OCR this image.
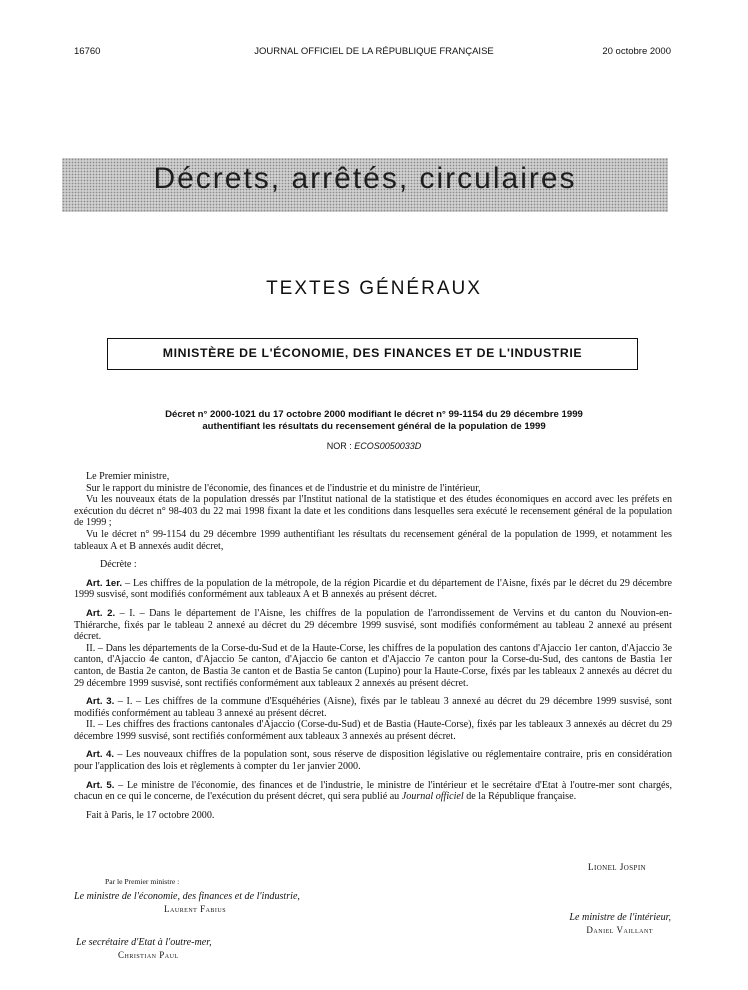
16760	JOURNAL OFFICIEL DE LA RÉPUBLIQUE FRANÇAISE	20 octobre 2000
Décrets, arrêtés, circulaires
TEXTES GÉNÉRAUX
MINISTÈRE DE L'ÉCONOMIE, DES FINANCES ET DE L'INDUSTRIE
Décret n° 2000-1021 du 17 octobre 2000 modifiant le décret n° 99-1154 du 29 décembre 1999
authentifiant les résultats du recensement général de la population de 1999
NOR : ECOS0050033D

Le Premier ministre,

Sur le rapport du ministre de l'économie, des finances et de l'industrie et du ministre de l'intérieur,

Vu les nouveaux états de la population dressés par l'Institut national de la statistique et des études économiques en accord avec les préfets en exécution du décret n° 98-403 du 22 mai 1998 fixant la date et les conditions dans lesquelles sera exécuté le recensement général de la population de 1999 ;

Vu le décret n° 99-1154 du 29 décembre 1999 authentifiant les résultats du recensement général de la population de 1999, et notamment les tableaux A et B annexés audit décret,

Décrète :

Art. 1er. – Les chiffres de la population de la métropole, de la région Picardie et du département de l'Aisne, fixés par le décret du 29 décembre 1999 susvisé, sont modifiés conformément aux tableaux A et B annexés au présent décret.

Art. 2. – I. – Dans le département de l'Aisne, les chiffres de la population de l'arrondissement de Vervins et du canton du Nouvion-en-Thiérarche, fixés par le tableau 2 annexé au décret du 29 décembre 1999 susvisé, sont modifiés conformément au tableau 2 annexé au présent décret.

II. – Dans les départements de la Corse-du-Sud et de la Haute-Corse, les chiffres de la population des cantons d'Ajaccio 1er canton, d'Ajaccio 3e canton, d'Ajaccio 4e canton, d'Ajaccio 5e canton, d'Ajaccio 6e canton et d'Ajaccio 7e canton pour la Corse-du-Sud, des cantons de Bastia 1er canton, de Bastia 2e canton, de Bastia 3e canton et de Bastia 5e canton (Lupino) pour la Haute-Corse, fixés par les tableaux 2 annexés au décret du 29 décembre 1999 susvisé, sont rectifiés conformément aux tableaux 2 annexés au présent décret.

Art. 3. – I. – Les chiffres de la commune d'Esquéhéries (Aisne), fixés par le tableau 3 annexé au décret du 29 décembre 1999 susvisé, sont modifiés conformément au tableau 3 annexé au présent décret.

II. – Les chiffres des fractions cantonales d'Ajaccio (Corse-du-Sud) et de Bastia (Haute-Corse), fixés par les tableaux 3 annexés au décret du 29 décembre 1999 susvisé, sont rectifiés conformément aux tableaux 3 annexés au présent décret.

Art. 4. – Les nouveaux chiffres de la population sont, sous réserve de disposition législative ou réglementaire contraire, pris en considération pour l'application des lois et règlements à compter du 1er janvier 2000.

Art. 5. – Le ministre de l'économie, des finances et de l'industrie, le ministre de l'intérieur et le secrétaire d'Etat à l'outre-mer sont chargés, chacun en ce qui le concerne, de l'exécution du présent décret, qui sera publié au Journal officiel de la République française.

Fait à Paris, le 17 octobre 2000.

Lionel Jospin
Par le Premier ministre :
Le ministre de l'économie, des finances et de l'industrie,
Laurent Fabius
Le ministre de l'intérieur,
Daniel Vaillant
Le secrétaire d'Etat à l'outre-mer,
Christian Paul
